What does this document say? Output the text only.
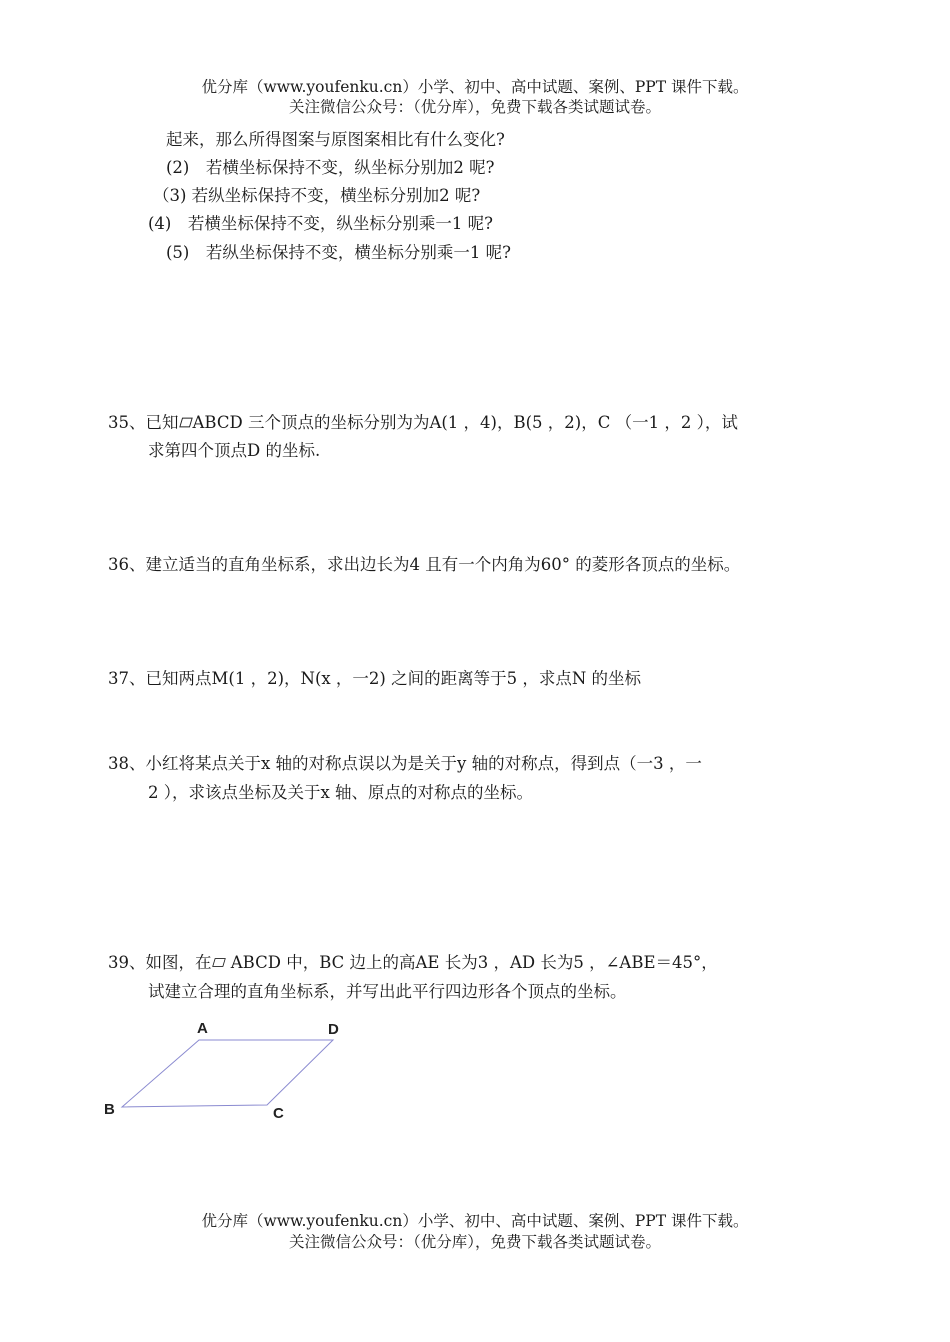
优分库（www.youfenku.cn）小学、初中、高中试题、案例、PPT 课件下载。
关注微信公众号：（优分库），免费下载各类试题试卷。
起来，那么所得图案与原图案相比有什么变化?
(2)　若横坐标保持不变，纵坐标分别加2 呢?
（3) 若纵坐标保持不变，横坐标分别加2 呢?
(4)　若横坐标保持不变，纵坐标分别乘一1 呢?
(5)　若纵坐标保持不变，横坐标分别乘一1 呢?
35、已知 ABCD 三个顶点的坐标分别为为A(1 ，4)，B(5 ，2)，C （一1 ，2 ），试
求第四个顶点D 的坐标.
36、建立适当的直角坐标系，求出边长为4 且有一个内角为60° 的菱形各顶点的坐标。
37、已知两点M(1 ，2)，N(x ，一2) 之间的距离等于5 ，求点N 的坐标
38、小红将某点关于x 轴的对称点误以为是关于y 轴的对称点，得到点（一3 ，一
2 ），求该点坐标及关于x 轴、原点的对称点的坐标。
39、如图，在 ABCD 中，BC 边上的高AE 长为3 ，AD 长为5 ，∠ABE＝45°，
试建立合理的直角坐标系，并写出此平行四边形各个顶点的坐标。
A	D
B	C
优分库（www.youfenku.cn）小学、初中、高中试题、案例、PPT 课件下载。
关注微信公众号：（优分库），免费下载各类试题试卷。
